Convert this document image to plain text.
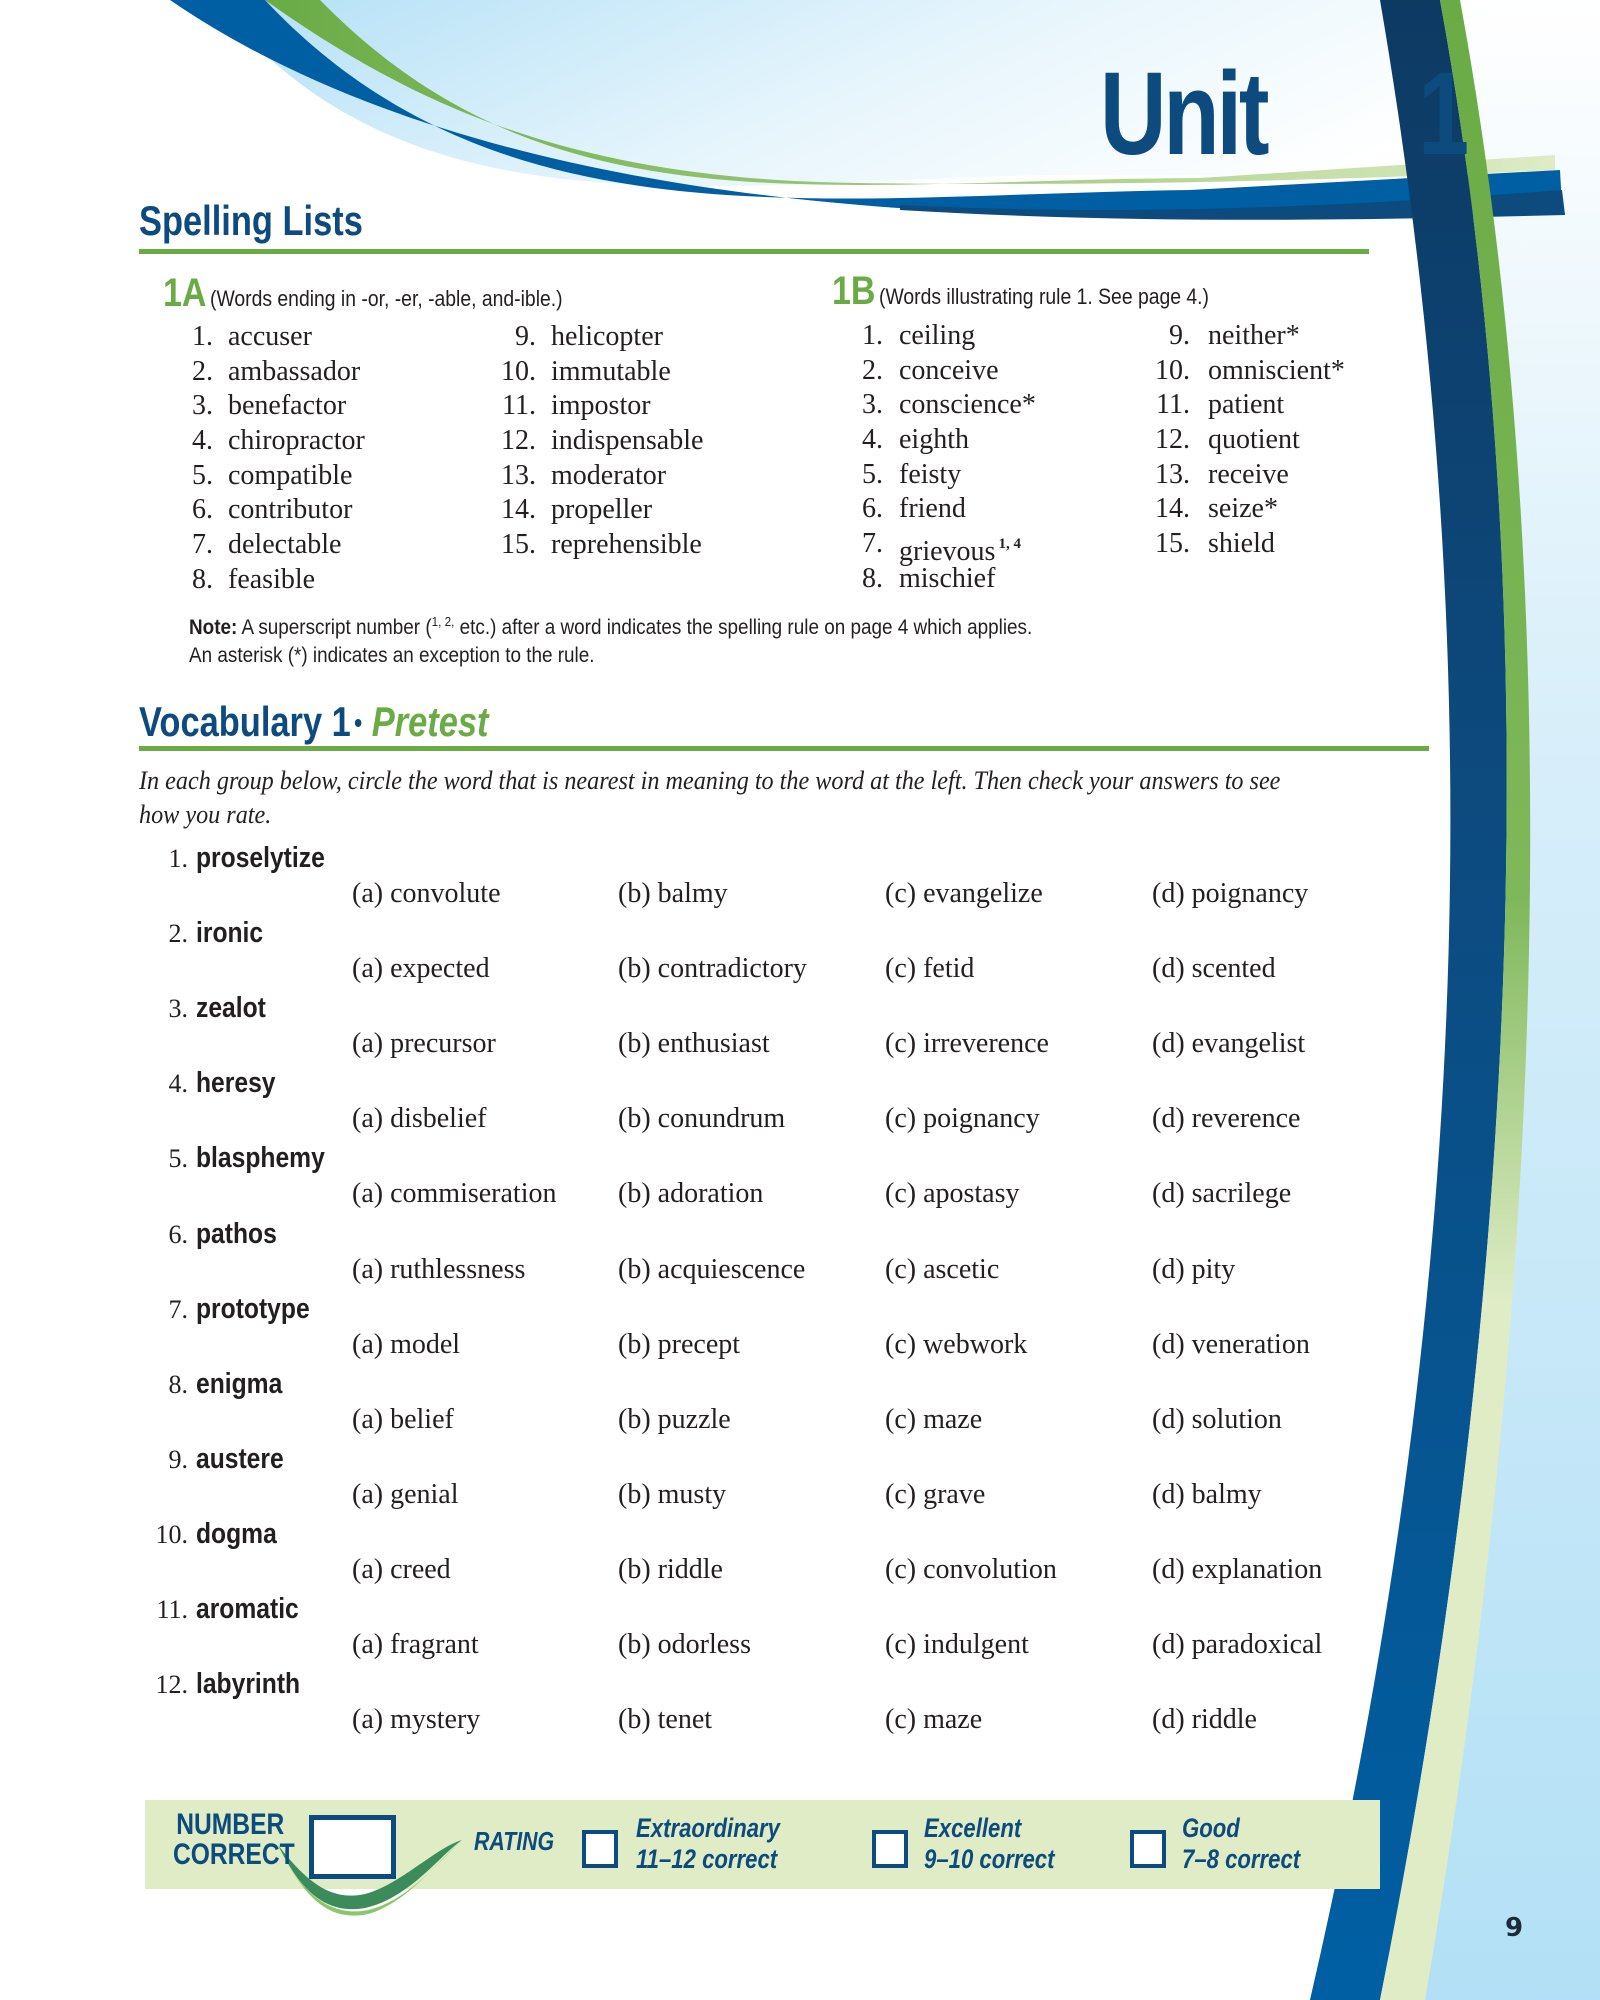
Unit 1
Spelling Lists
1A (Words ending in -or, -er, -able, and-ible.)
1. accuser
2. ambassador
3. benefactor
4. chiropractor
5. compatible
6. contributor
7. delectable
8. feasible
9. helicopter
10. immutable
11. impostor
12. indispensable
13. moderator
14. propeller
15. reprehensible
1B (Words illustrating rule 1. See page 4.)
1. ceiling
2. conceive
3. conscience*
4. eighth
5. feisty
6. friend
7. grievous $^{1, 4}$
8. mischief
9. neither*
10. omniscient*
11. patient
12. quotient
13. receive
14. seize*
15. shield
Note: A superscript number ($^{1, 2,}$ etc.) after a word indicates the spelling rule on page 4 which applies.
An asterisk (*) indicates an exception to the rule.
Vocabulary 1 • Pretest
In each group below, circle the word that is nearest in meaning to the word at the left. Then check your answers to see how you rate.
1. proselytize
(a) convolute	(b) balmy	(c) evangelize	(d) poignancy
2. ironic
(a) expected	(b) contradictory	(c) fetid	(d) scented
3. zealot
(a) precursor	(b) enthusiast	(c) irreverence	(d) evangelist
4. heresy
(a) disbelief	(b) conundrum	(c) poignancy	(d) reverence
5. blasphemy
(a) commiseration (b) adoration	(c) apostasy	(d) sacrilege
6. pathos
(a) ruthlessness	(b) acquiescence	(c) ascetic	(d) pity
7. prototype
(a) model	(b) precept	(c) webwork	(d) veneration
8. enigma
(a) belief	(b) puzzle	(c) maze	(d) solution
9. austere
(a) genial	(b) musty	(c) grave	(d) balmy
10. dogma
(a) creed	(b) riddle	(c) convolution	(d) explanation
11. aromatic
(a) fragrant	(b) odorless	(c) indulgent	(d) paradoxical
12. labyrinth
(a) mystery	(b) tenet	(c) maze	(d) riddle
NUMBER
CORRECT	RATING	Extraordinary
11–12 correct
Excellent
9–10 correct
Good
7–8 correct
9
